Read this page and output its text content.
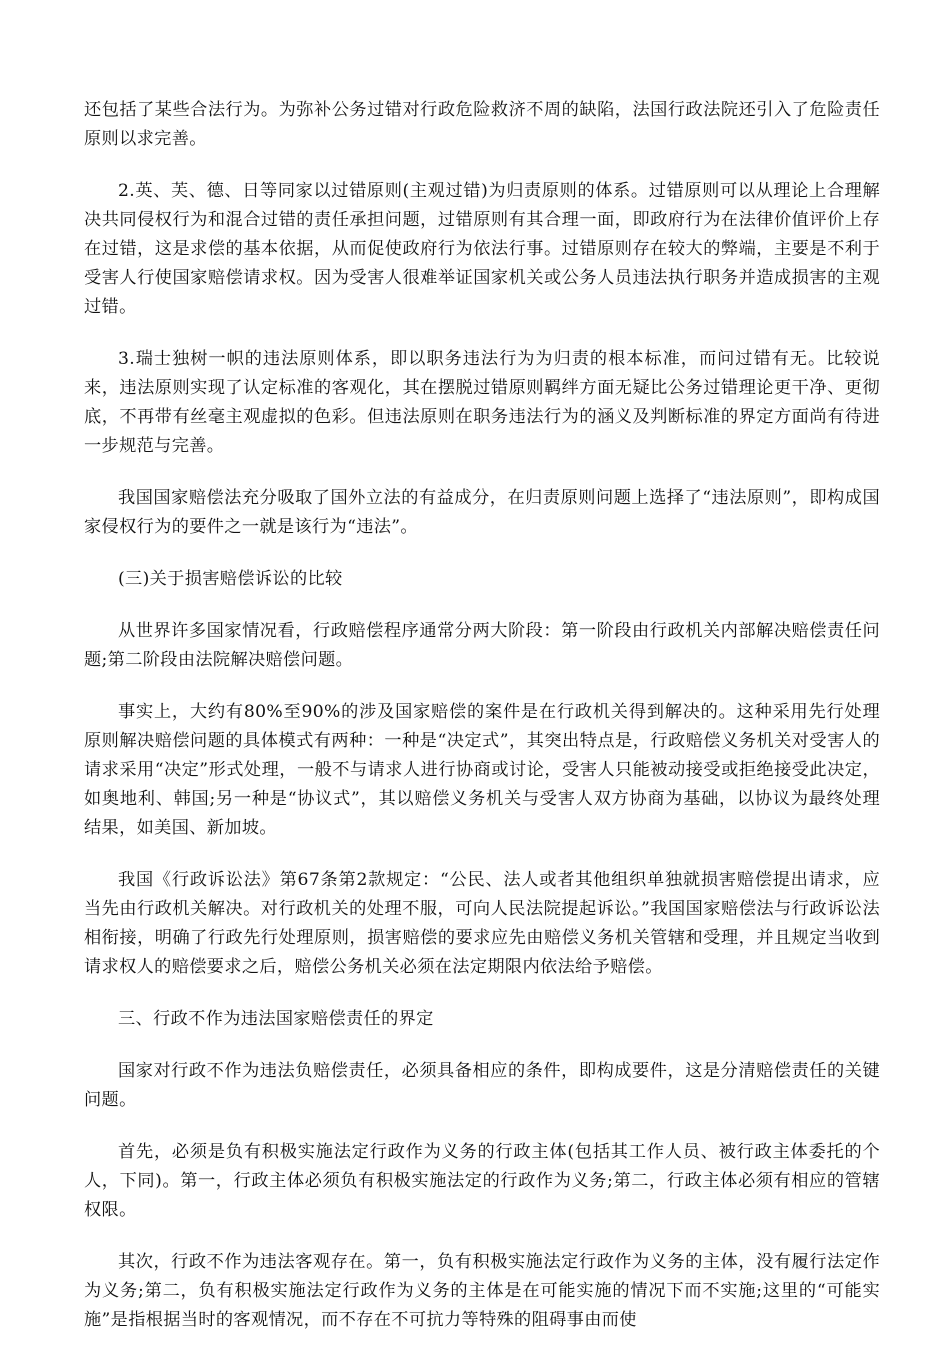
还包括了某些合法行为。为弥补公务过错对行政危险救济不周的缺陷，法国行政法院还引入了危险责任原则以求完善。

2.英、芙、德、日等同家以过错原则(主观过错)为归责原则的体系。过错原则可以从理论上合理解决共同侵权行为和混合过错的责任承担问题，过错原则有其合理一面，即政府行为在法律价值评价上存在过错，这是求偿的基本依据，从而促使政府行为依法行事。过错原则存在较大的弊端，主要是不利于受害人行使国家赔偿请求权。因为受害人很难举证国家机关或公务人员违法执行职务并造成损害的主观过错。

3.瑞士独树一帜的违法原则体系，即以职务违法行为为归责的根本标准，而问过错有无。比较说来，违法原则实现了认定标准的客观化，其在摆脱过错原则羁绊方面无疑比公务过错理论更干净、更彻底，不再带有丝毫主观虚拟的色彩。但违法原则在职务违法行为的涵义及判断标准的界定方面尚有待进一步规范与完善。

我国国家赔偿法充分吸取了国外立法的有益成分，在归责原则问题上选择了“违法原则”，即构成国家侵权行为的要件之一就是该行为“违法”。

(三)关于损害赔偿诉讼的比较

从世界许多国家情况看，行政赔偿程序通常分两大阶段：第一阶段由行政机关内部解决赔偿责任问题;第二阶段由法院解决赔偿问题。

事实上，大约有80%至90%的涉及国家赔偿的案件是在行政机关得到解决的。这种采用先行处理原则解决赔偿问题的具体模式有两种：一种是“决定式”，其突出特点是，行政赔偿义务机关对受害人的请求采用“决定”形式处理，一般不与请求人进行协商或讨论，受害人只能被动接受或拒绝接受此决定，如奥地利、韩国;另一种是“协议式”，其以赔偿义务机关与受害人双方协商为基础，以协议为最终处理结果，如美国、新加坡。

我国《行政诉讼法》第67条第2款规定：“公民、法人或者其他组织单独就损害赔偿提出请求，应当先由行政机关解决。对行政机关的处理不服，可向人民法院提起诉讼。”我国国家赔偿法与行政诉讼法相衔接，明确了行政先行处理原则，损害赔偿的要求应先由赔偿义务机关管辖和受理，并且规定当收到请求权人的赔偿要求之后，赔偿公务机关必须在法定期限内依法给予赔偿。

三、行政不作为违法国家赔偿责任的界定

国家对行政不作为违法负赔偿责任，必须具备相应的条件，即构成要件，这是分清赔偿责任的关键问题。

首先，必须是负有积极实施法定行政作为义务的行政主体(包括其工作人员、被行政主体委托的个人，下同)。第一，行政主体必须负有积极实施法定的行政作为义务;第二，行政主体必须有相应的管辖权限。

其次，行政不作为违法客观存在。第一，负有积极实施法定行政作为义务的主体，没有履行法定作为义务;第二，负有积极实施法定行政作为义务的主体是在可能实施的情况下而不实施;这里的“可能实施”是指根据当时的客观情况，而不存在不可抗力等特殊的阻碍事由而使
